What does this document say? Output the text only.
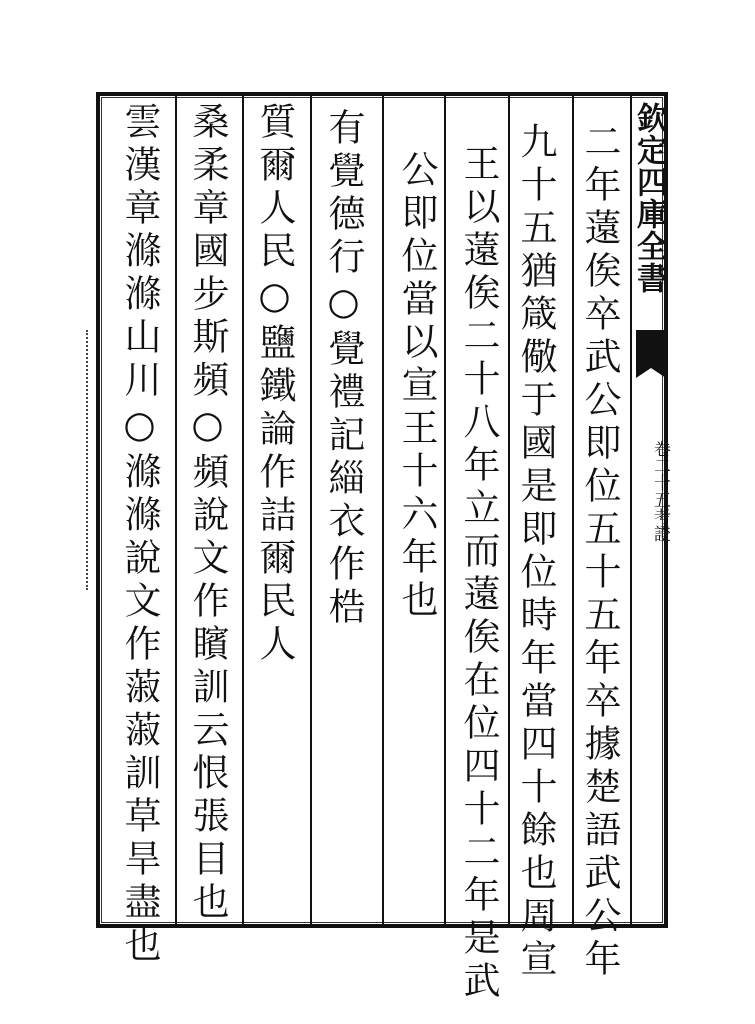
欽定四庫全書
卷二十五考證
二年薳俟卒武公即位五十五年卒據楚語武公年
九十五猶箴儆于國是即位時年當四十餘也周宣
王以薳俟二十八年立而薳俟在位四十二年是武
公即位當以宣王十六年也
有覺德行○覺禮記緇衣作梏
質爾人民○鹽鐵論作詰爾民人
桑柔章國步斯頻○頻說文作矉訓云恨張目也
雲漢章滌滌山川○滌滌說文作蔋蔋訓草旱盡也
